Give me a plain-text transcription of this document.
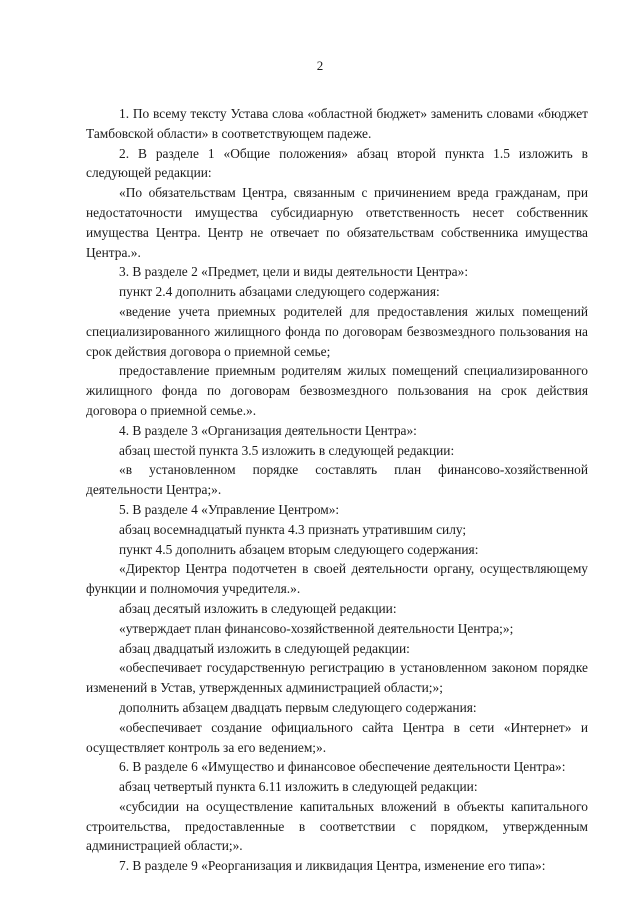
2

1. По всему тексту Устава слова «областной бюджет» заменить словами «бюджет Тамбовской области» в соответствующем падеже.

2. В разделе 1 «Общие положения» абзац второй пункта 1.5 изложить в следующей редакции:

«По обязательствам Центра, связанным с причинением вреда гражданам, при недостаточности имущества субсидиарную ответственность несет собственник имущества Центра. Центр не отвечает по обязательствам собственника имущества Центра.».

3. В разделе 2 «Предмет, цели и виды деятельности Центра»:

пункт 2.4 дополнить абзацами следующего содержания:

«ведение учета приемных родителей для предоставления жилых помещений специализированного жилищного фонда по договорам безвозмездного пользования на срок действия договора о приемной семье;

предоставление приемным родителям жилых помещений специализированного жилищного фонда по договорам безвозмездного пользования на срок действия договора о приемной семье.».

4. В разделе 3 «Организация деятельности Центра»:

абзац шестой пункта 3.5 изложить в следующей редакции:

«в установленном порядке составлять план финансово-хозяйственной деятельности Центра;».

5. В разделе 4 «Управление Центром»:

абзац восемнадцатый пункта 4.3 признать утратившим силу;

пункт 4.5 дополнить абзацем вторым следующего содержания:

«Директор Центра подотчетен в своей деятельности органу, осуществляющему функции и полномочия учредителя.».

абзац десятый изложить в следующей редакции:

«утверждает план финансово-хозяйственной деятельности Центра;»;

абзац двадцатый изложить в следующей редакции:

«обеспечивает государственную регистрацию в установленном законом порядке изменений в Устав, утвержденных администрацией области;»;

дополнить абзацем двадцать первым следующего содержания:

«обеспечивает создание официального сайта Центра в сети «Интернет» и осуществляет контроль за его ведением;».

6. В разделе 6 «Имущество и финансовое обеспечение деятельности Центра»:

абзац четвертый пункта 6.11 изложить в следующей редакции:

«субсидии на осуществление капитальных вложений в объекты капитального строительства, предоставленные в соответствии с порядком, утвержденным администрацией области;».

7. В разделе 9 «Реорганизация и ликвидация Центра, изменение его типа»:
